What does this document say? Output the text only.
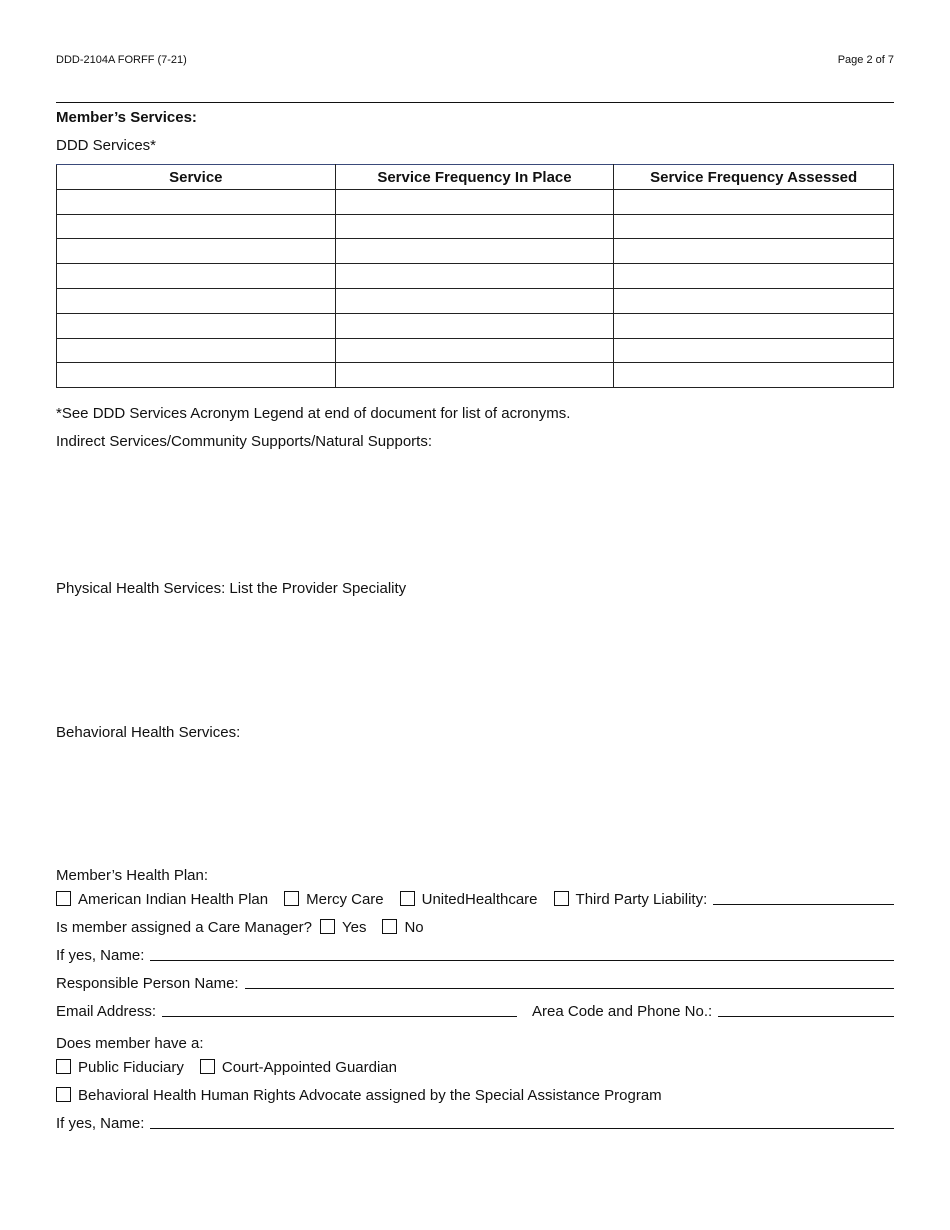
DDD-2104A FORFF (7-21)	Page 2 of 7
Member’s Services:
DDD Services*
Service	Service Frequency In Place	Service Frequency Assessed

*See DDD Services Acronym Legend at end of document for list of acronyms.
Indirect Services/Community Supports/Natural Supports:
Physical Health Services: List the Provider Speciality
Behavioral Health Services:
Member’s Health Plan:
American Indian Health Plan	Mercy Care	UnitedHealthcare	Third Party Liability:
Is member assigned a Care Manager? Yes	No
If yes, Name:
Responsible Person Name:
Email Address:	Area Code and Phone No.:
Does member have a:
Public Fiduciary	Court-Appointed Guardian
Behavioral Health Human Rights Advocate assigned by the Special Assistance Program
If yes, Name:
